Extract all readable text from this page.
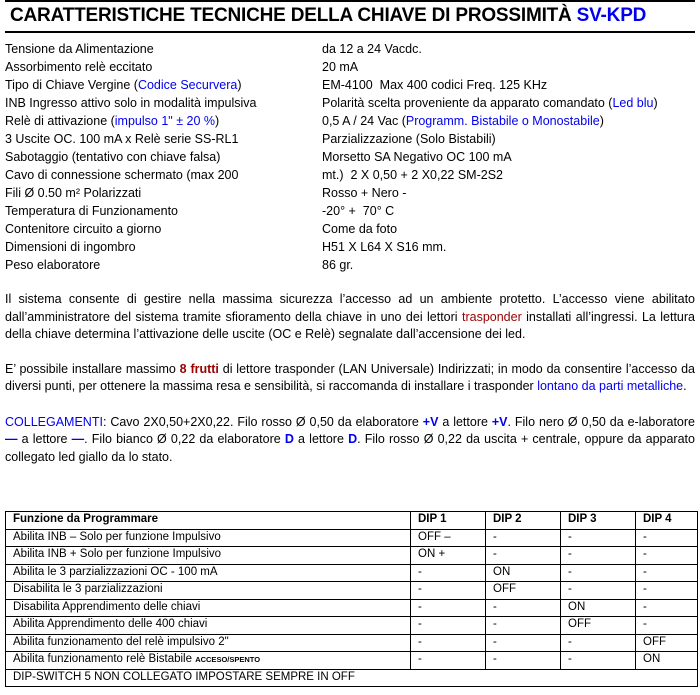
CARATTERISTICHE TECNICHE DELLA CHIAVE DI PROSSIMITÀ SV-KPD
Tensione da Alimentazione	da 12 a 24 Vacdc.
Assorbimento relè eccitato	20 mA
Tipo di Chiave Vergine (Codice Securvera)	EM-4100  Max 400 codici Freq. 125 KHz
INB Ingresso attivo solo in modalità impulsiva	Polarità scelta proveniente da apparato comandato (Led blu)
Relè di attivazione (impulso 1" ± 20 %)	0,5 A / 24 Vac (Programm. Bistabile o Monostabile)
3 Uscite OC. 100 mA x Relè serie SS-RL1	Parzializzazione (Solo Bistabili)
Sabotaggio (tentativo con chiave falsa)	Morsetto SA Negativo OC 100 mA
Cavo di connessione schermato (max 200	mt.)  2 X 0,50 + 2 X0,22 SM-2S2
Fili Ø 0.50 m² Polarizzati	Rosso + Nero -
Temperatura di Funzionamento	-20° +  70° C
Contenitore circuito a giorno	Come da foto
Dimensioni di ingombro	H51 X L64 X S16 mm.
Peso elaboratore	86 gr.
Il sistema consente di gestire nella massima sicurezza l’accesso ad un ambiente protetto. L’accesso viene abilitato dall’amministratore del sistema tramite sfioramento della chiave in uno dei lettori trasponder installati all’ingressi. La lettura della chiave determina l’attivazione delle uscite (OC e Relè) segnalate dall’accensione dei led.
E’ possibile installare massimo 8 frutti di lettore trasponder (LAN Universale) Indirizzati; in modo da consentire l’accesso da diversi punti, per ottenere la massima resa e sensibilità, si raccomanda di installare i trasponder lontano da parti metalliche.
COLLEGAMENTI: Cavo 2X0,50+2X0,22. Filo rosso Ø 0,50 da elaboratore +V a lettore +V. Filo nero Ø 0,50 da e-laboratore — a lettore —. Filo bianco Ø 0,22 da elaboratore D a lettore D. Filo rosso Ø 0,22 da uscita + centrale, oppure da apparato collegato led giallo da lo stato.
Funzione da Programmare	DIP 1	DIP 2	DIP 3	DIP 4
Abilita INB – Solo per funzione Impulsivo	OFF –	-	-	-
Abilita INB + Solo per funzione Impulsivo	ON +	-	-	-
Abilita le 3 parzializzazioni OC - 100 mA	-	ON	-	-
Disabilita le 3 parzializzazioni	-	OFF	-	-
Disabilita Apprendimento delle chiavi	-	-	ON	-
Abilita Apprendimento delle 400 chiavi	-	-	OFF	-
Abilita funzionamento del relè impulsivo 2"	-	-	-	OFF
Abilita funzionamento relè Bistabile ACCESO/SPENTO	-	-	-	ON
DIP-SWITCH 5 NON COLLEGATO IMPOSTARE SEMPRE IN OFF				
